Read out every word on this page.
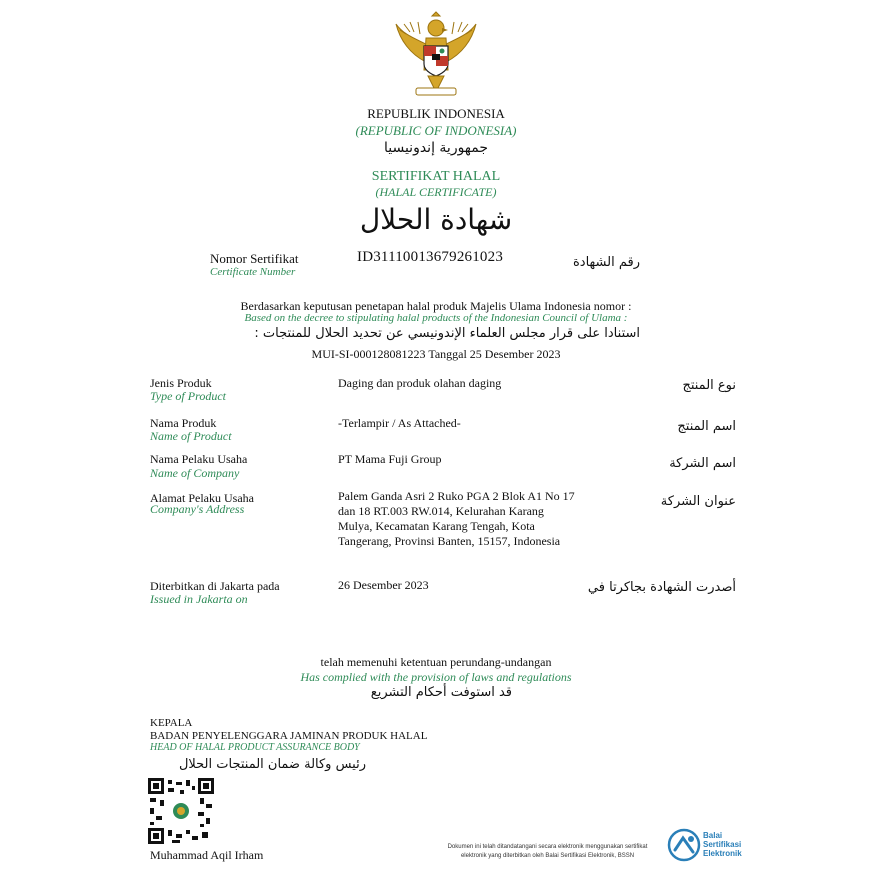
REPUBLIK INDONESIA
(REPUBLIC OF INDONESIA)
جمهورية إندونيسيا
SERTIFIKAT HALAL
(HALAL CERTIFICATE)
شهادة الحلال
Nomor Sertifikat
Certificate Number
ID31110013679261023	رقم الشهادة
Berdasarkan keputusan penetapan halal produk Majelis Ulama Indonesia nomor :
Based on the decree to stipulating halal products of the Indonesian Council of Ulama :
استنادا على قرار مجلس العلماء الإندونيسي عن تحديد الحلال للمنتجات :
MUI-SI-000128081223 Tanggal 25 Desember 2023
Jenis Produk
Type of Product
Daging dan produk olahan daging	نوع المنتج
Nama Produk
Name of Product
-Terlampir / As Attached-	اسم المنتج
Nama Pelaku Usaha
Name of Company
PT Mama Fuji Group	اسم الشركة
Alamat Pelaku Usaha
Company's Address
Palem Ganda Asri 2 Ruko PGA 2 Blok A1 No 17
dan 18 RT.003 RW.014, Kelurahan Karang
Mulya, Kecamatan Karang Tengah, Kota
Tangerang, Provinsi Banten, 15157, Indonesia
عنوان الشركة
Diterbitkan di Jakarta pada
Issued in Jakarta on
26 Desember 2023	أصدرت الشهادة بجاكرتا في
telah memenuhi ketentuan perundang-undangan
Has complied with the provision of laws and regulations
قد استوفت أحكام التشريع
KEPALA
BADAN PENYELENGGARA JAMINAN PRODUK HALAL
HEAD OF HALAL PRODUCT ASSURANCE BODY
رئيس وكالة ضمان المنتجات الحلال
Muhammad Aqil Irham
Dokumen ini telah ditandatangani secara elektronik menggunakan sertifikat
elektronik yang diterbitkan oleh Balai Sertifikasi Elektronik, BSSN
Balai
Sertifikasi
Elektronik
